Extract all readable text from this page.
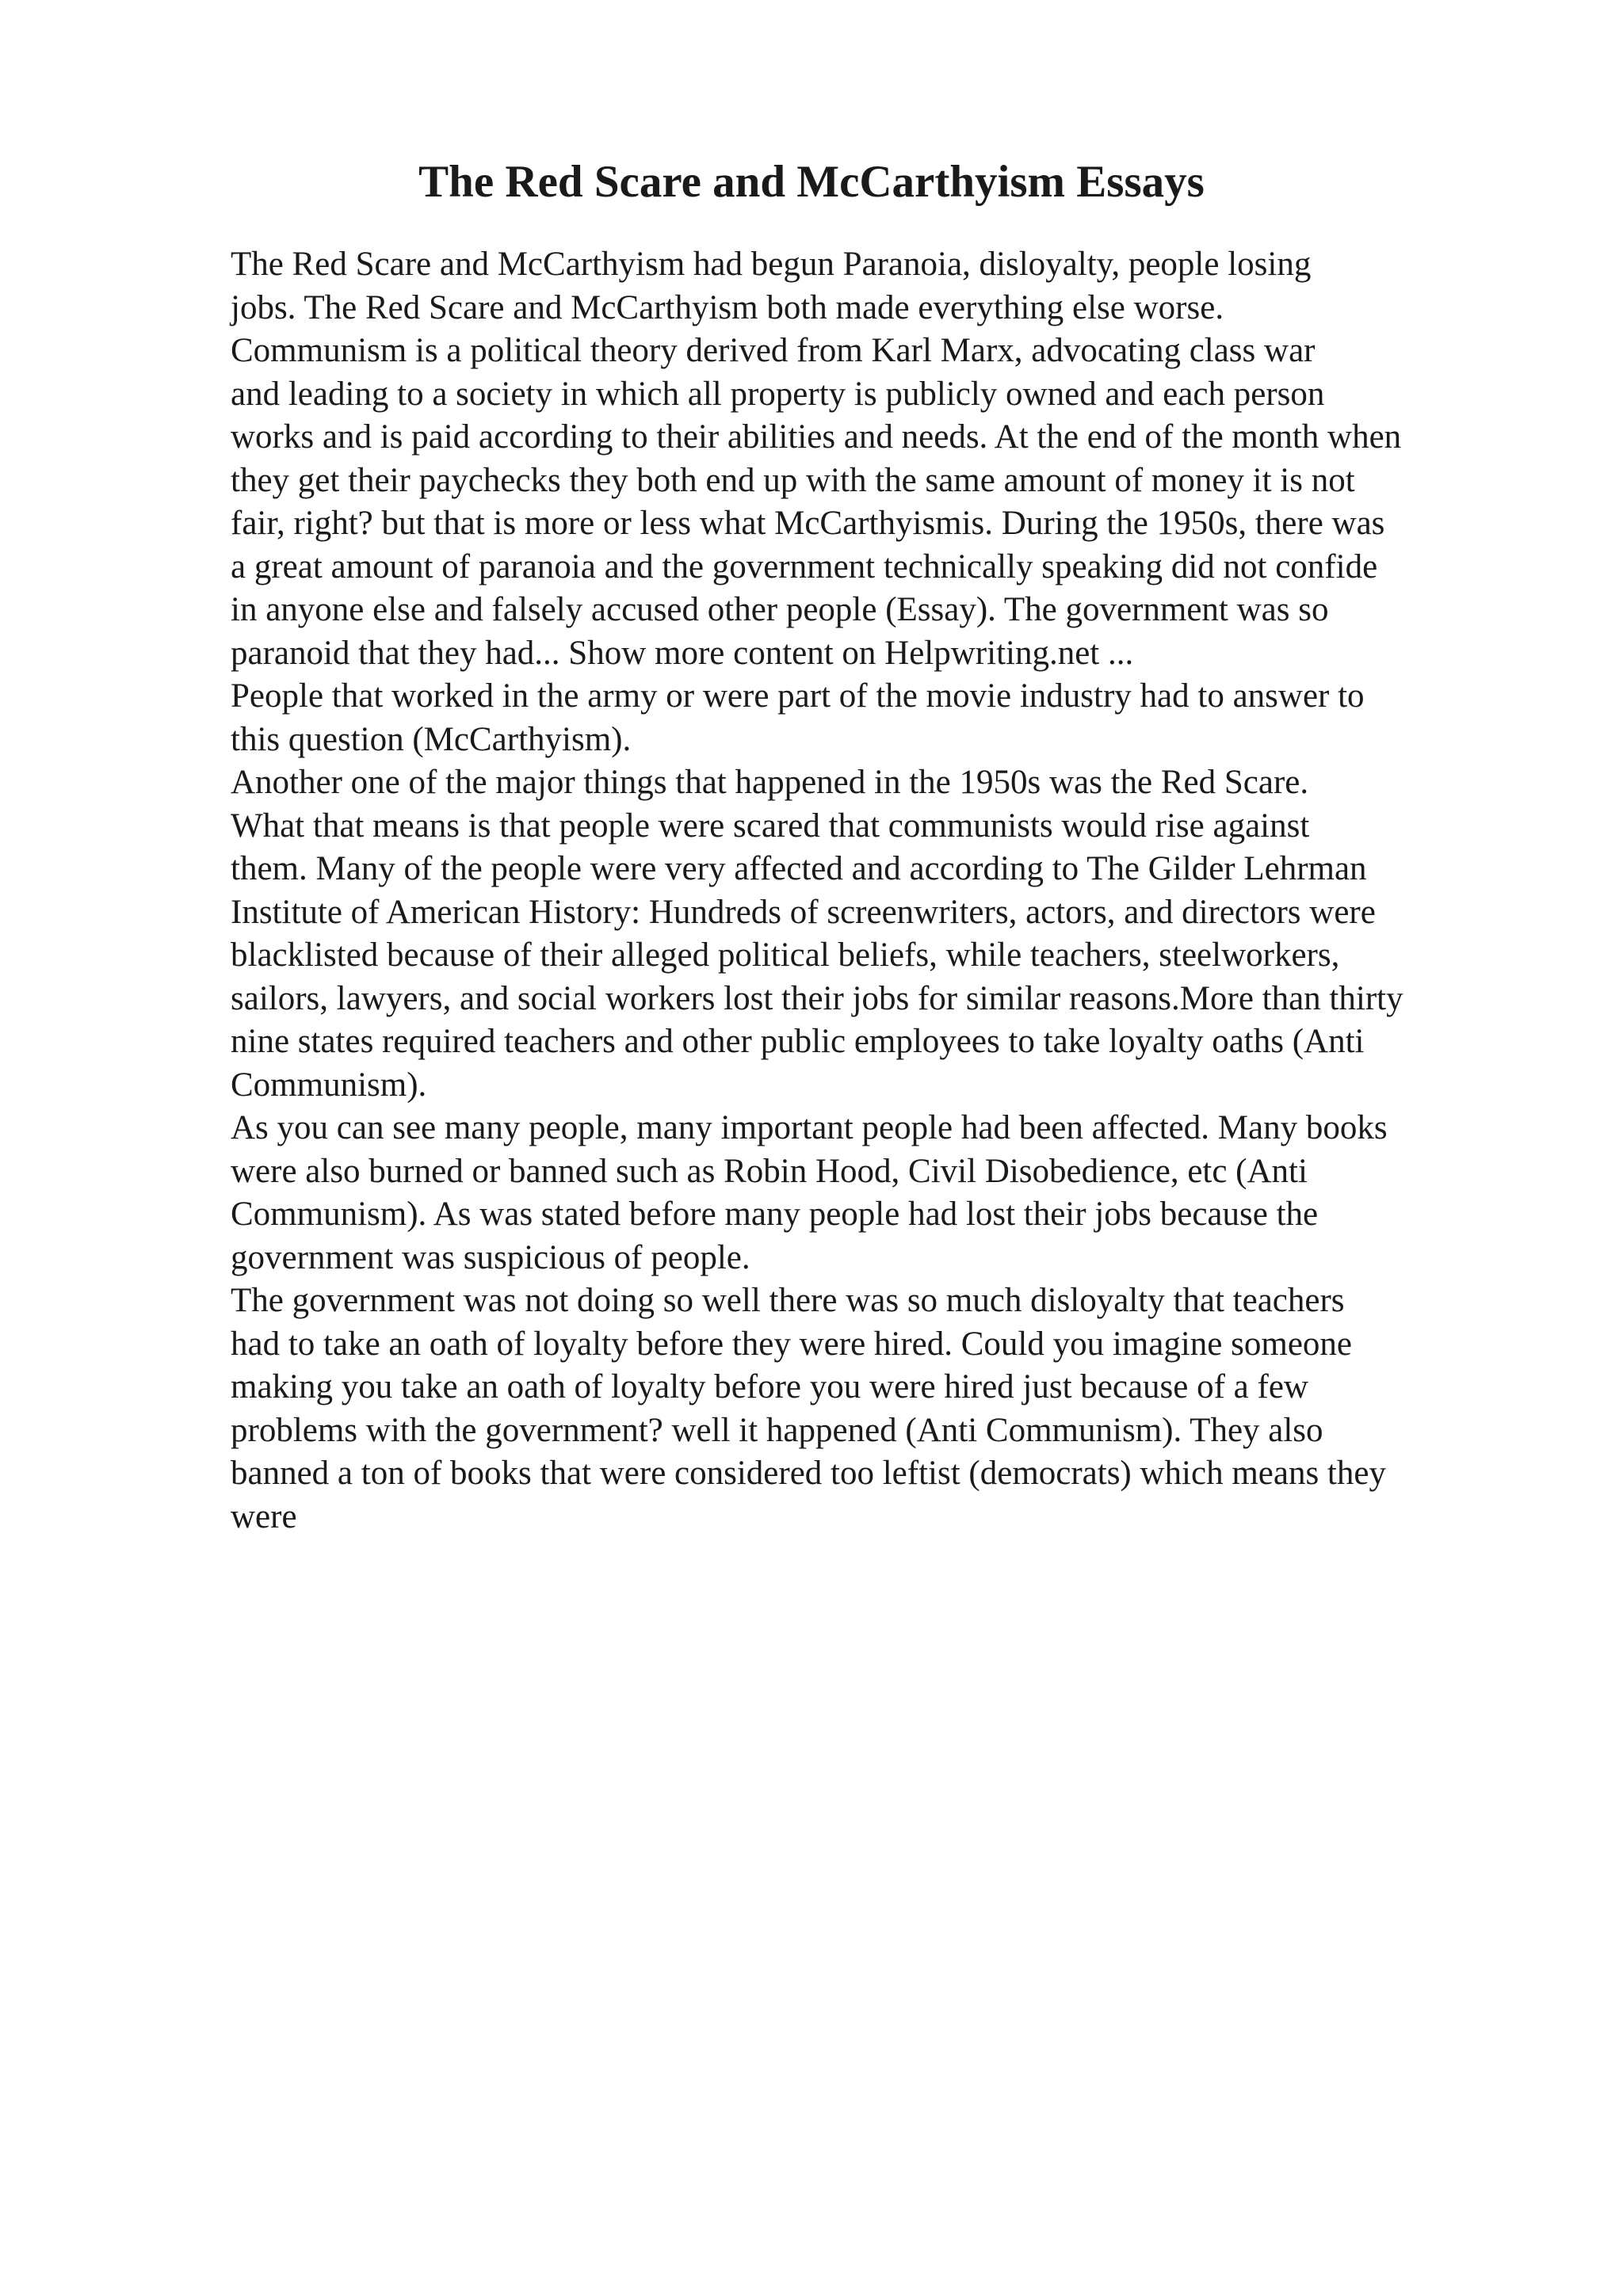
The Red Scare and McCarthyism Essays
The Red Scare and McCarthyism had begun Paranoia, disloyalty, people losing
jobs. The Red Scare and McCarthyism both made everything else worse.
Communism is a political theory derived from Karl Marx, advocating class war
and leading to a society in which all property is publicly owned and each person
works and is paid according to their abilities and needs. At the end of the month when
they get their paychecks they both end up with the same amount of money it is not
fair, right? but that is more or less what McCarthyismis. During the 1950s, there was
a great amount of paranoia and the government technically speaking did not confide
in anyone else and falsely accused other people (Essay). The government was so
paranoid that they had... Show more content on Helpwriting.net ...
People that worked in the army or were part of the movie industry had to answer to
this question (McCarthyism).
Another one of the major things that happened in the 1950s was the Red Scare.
What that means is that people were scared that communists would rise against
them. Many of the people were very affected and according to The Gilder Lehrman
Institute of American History: Hundreds of screenwriters, actors, and directors were
blacklisted because of their alleged political beliefs, while teachers, steelworkers,
sailors, lawyers, and social workers lost their jobs for similar reasons.More than thirty
nine states required teachers and other public employees to take loyalty oaths (Anti
Communism).
As you can see many people, many important people had been affected. Many books
were also burned or banned such as Robin Hood, Civil Disobedience, etc (Anti
Communism). As was stated before many people had lost their jobs because the
government was suspicious of people.
The government was not doing so well there was so much disloyalty that teachers
had to take an oath of loyalty before they were hired. Could you imagine someone
making you take an oath of loyalty before you were hired just because of a few
problems with the government? well it happened (Anti Communism). They also
banned a ton of books that were considered too leftist (democrats) which means they
were
